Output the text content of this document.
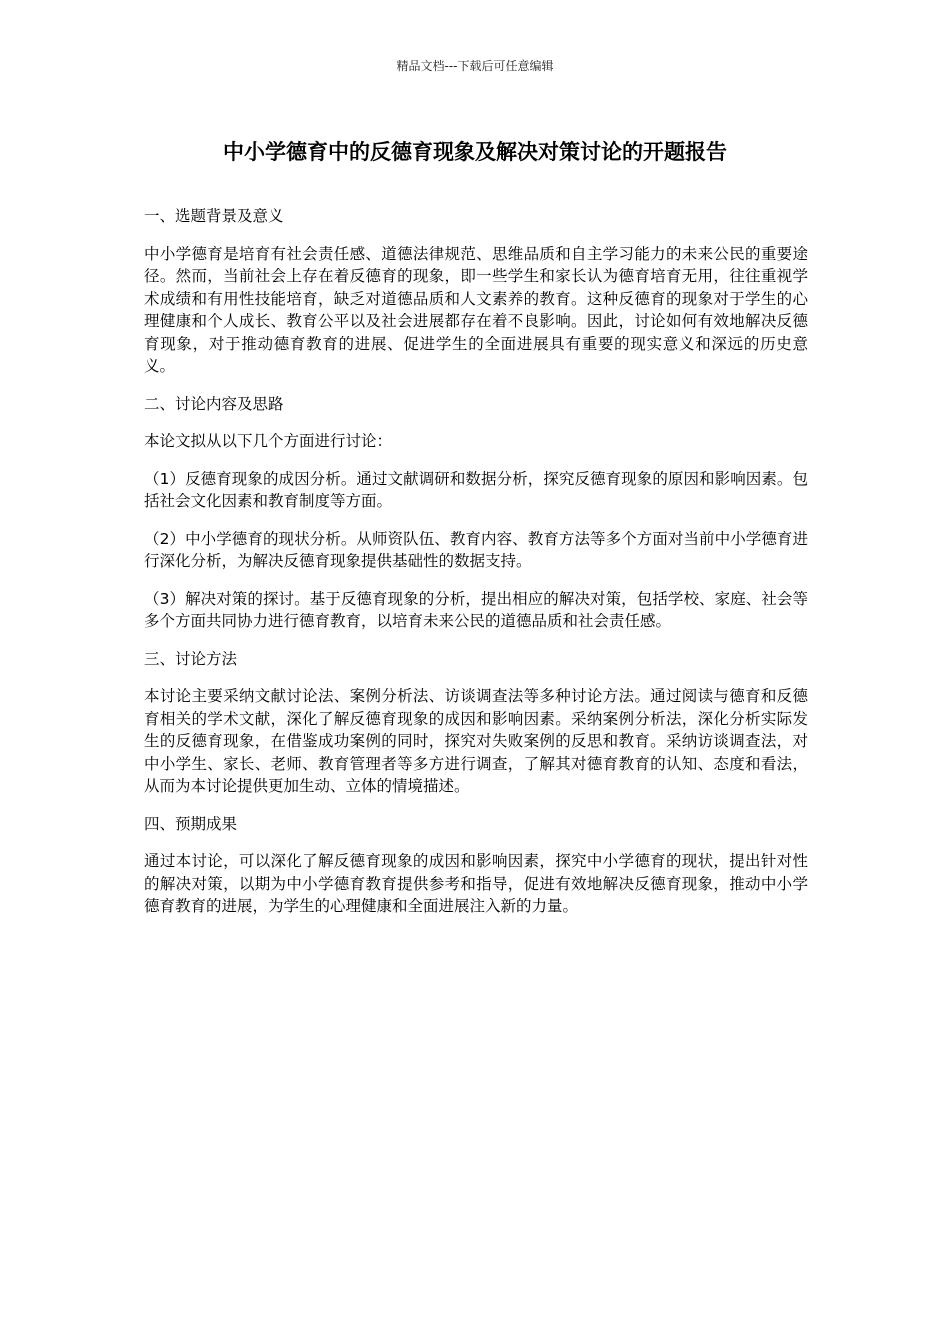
精品文档---下载后可任意编辑
中小学德育中的反德育现象及解决对策讨论的开题报告

一、选题背景及意义

中小学德育是培育有社会责任感、道德法律规范、思维品质和自主学习能力的未来公民的重要途径。然而，当前社会上存在着反德育的现象，即一些学生和家长认为德育培育无用，往往重视学术成绩和有用性技能培育，缺乏对道德品质和人文素养的教育。这种反德育的现象对于学生的心理健康和个人成长、教育公平以及社会进展都存在着不良影响。因此，讨论如何有效地解决反德育现象，对于推动德育教育的进展、促进学生的全面进展具有重要的现实意义和深远的历史意义。

二、讨论内容及思路

本论文拟从以下几个方面进行讨论：

（1）反德育现象的成因分析。通过文献调研和数据分析，探究反德育现象的原因和影响因素。包括社会文化因素和教育制度等方面。

（2）中小学德育的现状分析。从师资队伍、教育内容、教育方法等多个方面对当前中小学德育进行深化分析，为解决反德育现象提供基础性的数据支持。

（3）解决对策的探讨。基于反德育现象的分析，提出相应的解决对策，包括学校、家庭、社会等多个方面共同协力进行德育教育，以培育未来公民的道德品质和社会责任感。

三、讨论方法

本讨论主要采纳文献讨论法、案例分析法、访谈调查法等多种讨论方法。通过阅读与德育和反德育相关的学术文献，深化了解反德育现象的成因和影响因素。采纳案例分析法，深化分析实际发生的反德育现象，在借鉴成功案例的同时，探究对失败案例的反思和教育。采纳访谈调查法，对中小学生、家长、老师、教育管理者等多方进行调查，了解其对德育教育的认知、态度和看法，从而为本讨论提供更加生动、立体的情境描述。

四、预期成果

通过本讨论，可以深化了解反德育现象的成因和影响因素，探究中小学德育的现状，提出针对性的解决对策，以期为中小学德育教育提供参考和指导，促进有效地解决反德育现象，推动中小学德育教育的进展，为学生的心理健康和全面进展注入新的力量。
